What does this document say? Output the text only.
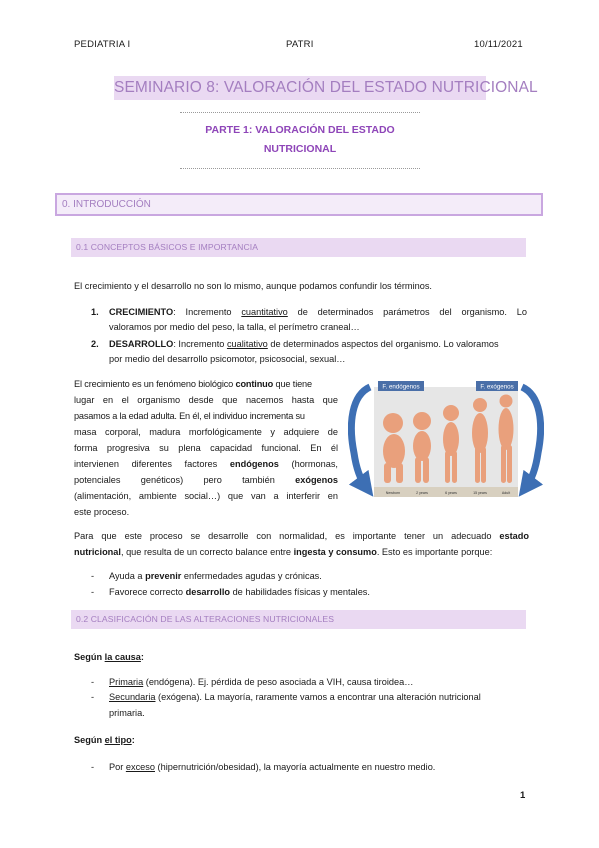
PEDIATRIA I	PATRI	10/11/2021
SEMINARIO 8: VALORACIÓN DEL ESTADO NUTRICIONAL
PARTE 1: VALORACIÓN DEL ESTADO
NUTRICIONAL
0. INTRODUCCIÓN
0.1 CONCEPTOS BÁSICOS E IMPORTANCIA
El crecimiento y el desarrollo no son lo mismo, aunque podamos confundir los términos.
1. CRECIMIENTO: Incremento cuantitativo de determinados parámetros del organismo. Lo
valoramos por medio del peso, la talla, el perímetro craneal…
2. DESARROLLO: Incremento cualitativo de determinados aspectos del organismo. Lo valoramos
por medio del desarrollo psicomotor, psicosocial, sexual…
El crecimiento es un fenómeno biológico continuo que tiene
lugar en el organismo desde que nacemos hasta que
pasamos a la edad adulta. En él, el individuo incrementa su
masa corporal, madura morfológicamente y adquiere de
forma progresiva su plena capacidad funcional. En él
intervienen diferentes factores endógenos (hormonas,
potenciales genéticos) pero también exógenos
(alimentación, ambiente social…) que van a interferir en
este proceso.
F. endógenos	F. exógenos
Newborn	2 years	6 years	15 years	Adult
Para que este proceso se desarrolle con normalidad, es importante tener un adecuado estado
nutricional, que resulta de un correcto balance entre ingesta y consumo. Esto es importante porque:
- Ayuda a prevenir enfermedades agudas y crónicas.
- Favorece correcto desarrollo de habilidades físicas y mentales.
0.2 CLASIFICACIÓN DE LAS ALTERACIONES NUTRICIONALES
Según la causa:
- Primaria (endógena). Ej. pérdida de peso asociada a VIH, causa tiroidea…
- Secundaria (exógena). La mayoría, raramente vamos a encontrar una alteración nutricional
primaria.
Según el tipo:
- Por exceso (hipernutrición/obesidad), la mayoría actualmente en nuestro medio.
1
